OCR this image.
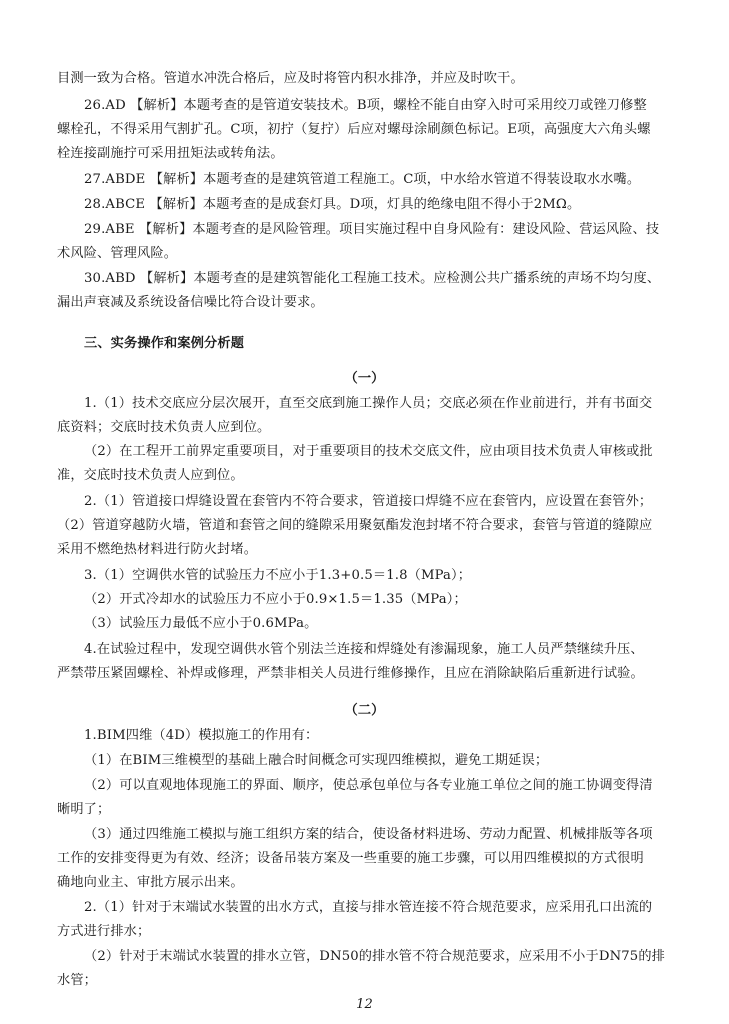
目测一致为合格。管道水冲洗合格后，应及时将管内积水排净，并应及时吹干。
26.AD 【解析】本题考查的是管道安装技术。B项，螺栓不能自由穿入时可采用绞刀或锉刀修整
螺栓孔，不得采用气割扩孔。C项，初拧（复拧）后应对螺母涂刷颜色标记。E项，高强度大六角头螺
栓连接副施拧可采用扭矩法或转角法。
27.ABDE 【解析】本题考查的是建筑管道工程施工。C项，中水给水管道不得装设取水水嘴。
28.ABCE 【解析】本题考查的是成套灯具。D项，灯具的绝缘电阻不得小于2MΩ。
29.ABE 【解析】本题考查的是风险管理。项目实施过程中自身风险有：建设风险、营运风险、技
术风险、管理风险。
30.ABD 【解析】本题考查的是建筑智能化工程施工技术。应检测公共广播系统的声场不均匀度、
漏出声衰减及系统设备信噪比符合设计要求。
三、实务操作和案例分析题
（一）
1.（1）技术交底应分层次展开，直至交底到施工操作人员；交底必须在作业前进行，并有书面交
底资料；交底时技术负责人应到位。
（2）在工程开工前界定重要项目，对于重要项目的技术交底文件，应由项目技术负责人审核或批
准，交底时技术负责人应到位。
2.（1）管道接口焊缝设置在套管内不符合要求，管道接口焊缝不应在套管内，应设置在套管外；
（2）管道穿越防火墙，管道和套管之间的缝隙采用聚氨酯发泡封堵不符合要求，套管与管道的缝隙应
采用不燃绝热材料进行防火封堵。
3.（1）空调供水管的试验压力不应小于1.3+0.5＝1.8（MPa）；
（2）开式冷却水的试验压力不应小于0.9×1.5＝1.35（MPa）；
（3）试验压力最低不应小于0.6MPa。
4.在试验过程中，发现空调供水管个别法兰连接和焊缝处有渗漏现象，施工人员严禁继续升压、
严禁带压紧固螺栓、补焊或修理，严禁非相关人员进行维修操作，且应在消除缺陷后重新进行试验。
（二）
1.BIM四维（4D）模拟施工的作用有：
（1）在BIM三维模型的基础上融合时间概念可实现四维模拟，避免工期延误；
（2）可以直观地体现施工的界面、顺序，使总承包单位与各专业施工单位之间的施工协调变得清
晰明了；
（3）通过四维施工模拟与施工组织方案的结合，使设备材料进场、劳动力配置、机械排版等各项
工作的安排变得更为有效、经济；设备吊装方案及一些重要的施工步骤，可以用四维模拟的方式很明
确地向业主、审批方展示出来。
2.（1）针对于末端试水装置的出水方式，直接与排水管连接不符合规范要求，应采用孔口出流的
方式进行排水；
（2）针对于末端试水装置的排水立管，DN50的排水管不符合规范要求，应采用不小于DN75的排
水管；
12
